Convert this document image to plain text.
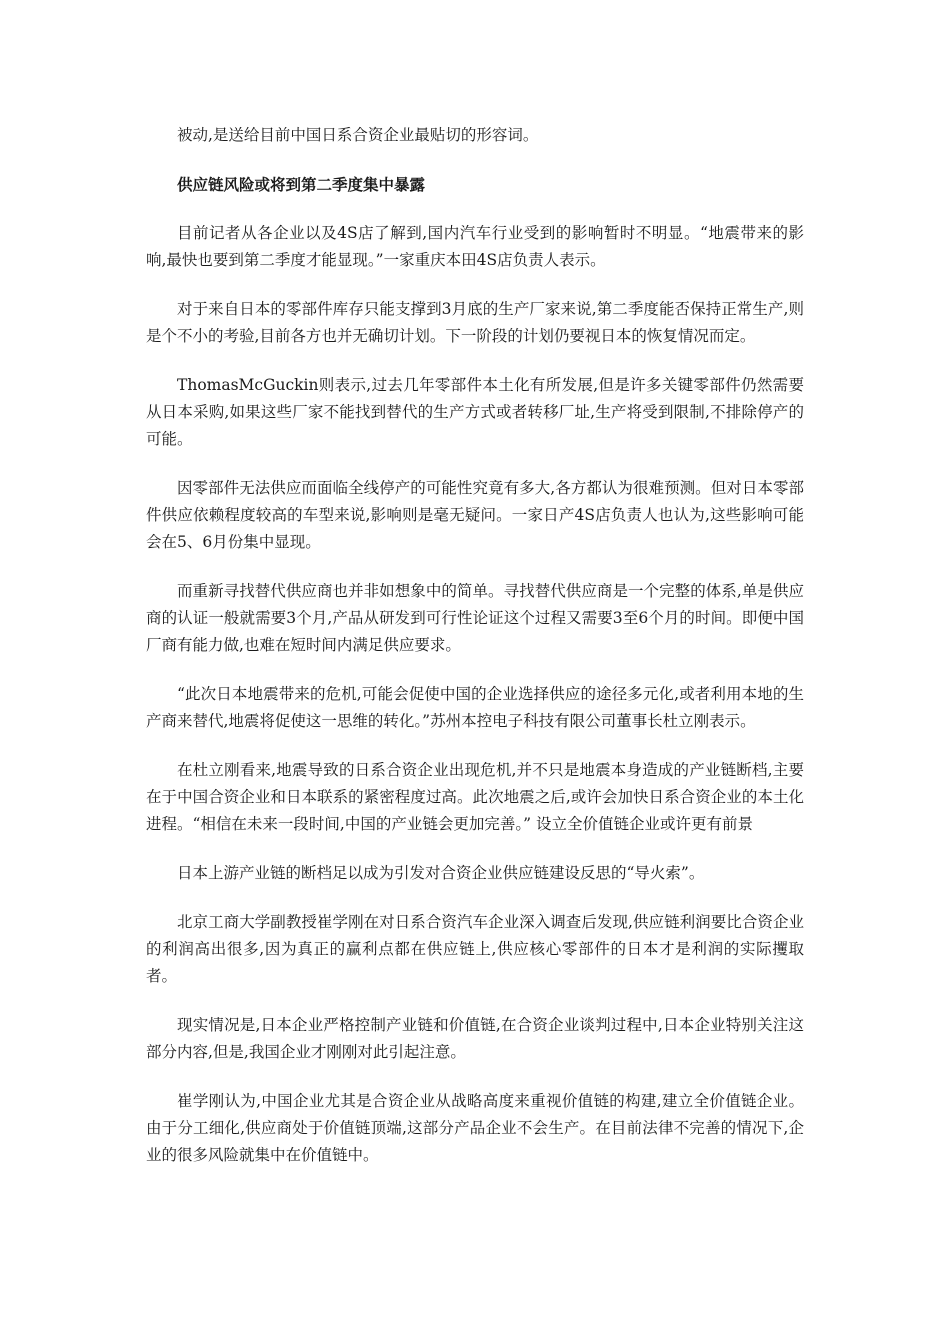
被动,是送给目前中国日系合资企业最贴切的形容词。

供应链风险或将到第二季度集中暴露

目前记者从各企业以及4S店了解到,国内汽车行业受到的影响暂时不明显。“地震带来的影响,最快也要到第二季度才能显现。”一家重庆本田4S店负责人表示。

对于来自日本的零部件库存只能支撑到3月底的生产厂家来说,第二季度能否保持正常生产,则是个不小的考验,目前各方也并无确切计划。下一阶段的计划仍要视日本的恢复情况而定。

ThomasMcGuckin则表示,过去几年零部件本土化有所发展,但是许多关键零部件仍然需要从日本采购,如果这些厂家不能找到替代的生产方式或者转移厂址,生产将受到限制,不排除停产的可能。

因零部件无法供应而面临全线停产的可能性究竟有多大,各方都认为很难预测。但对日本零部件供应依赖程度较高的车型来说,影响则是毫无疑问。一家日产4S店负责人也认为,这些影响可能会在5、6月份集中显现。

而重新寻找替代供应商也并非如想象中的简单。寻找替代供应商是一个完整的体系,单是供应商的认证一般就需要3个月,产品从研发到可行性论证这个过程又需要3至6个月的时间。即便中国厂商有能力做,也难在短时间内满足供应要求。

“此次日本地震带来的危机,可能会促使中国的企业选择供应的途径多元化,或者利用本地的生产商来替代,地震将促使这一思维的转化。”苏州本控电子科技有限公司董事长杜立刚表示。

在杜立刚看来,地震导致的日系合资企业出现危机,并不只是地震本身造成的产业链断档,主要在于中国合资企业和日本联系的紧密程度过高。此次地震之后,或许会加快日系合资企业的本土化进程。“相信在未来一段时间,中国的产业链会更加完善。” 设立全价值链企业或许更有前景

日本上游产业链的断档足以成为引发对合资企业供应链建设反思的“导火索”。

北京工商大学副教授崔学刚在对日系合资汽车企业深入调查后发现,供应链利润要比合资企业的利润高出很多,因为真正的赢利点都在供应链上,供应核心零部件的日本才是利润的实际攫取者。

现实情况是,日本企业严格控制产业链和价值链,在合资企业谈判过程中,日本企业特别关注这部分内容,但是,我国企业才刚刚对此引起注意。

崔学刚认为,中国企业尤其是合资企业从战略高度来重视价值链的构建,建立全价值链企业。由于分工细化,供应商处于价值链顶端,这部分产品企业不会生产。在目前法律不完善的情况下,企业的很多风险就集中在价值链中。
